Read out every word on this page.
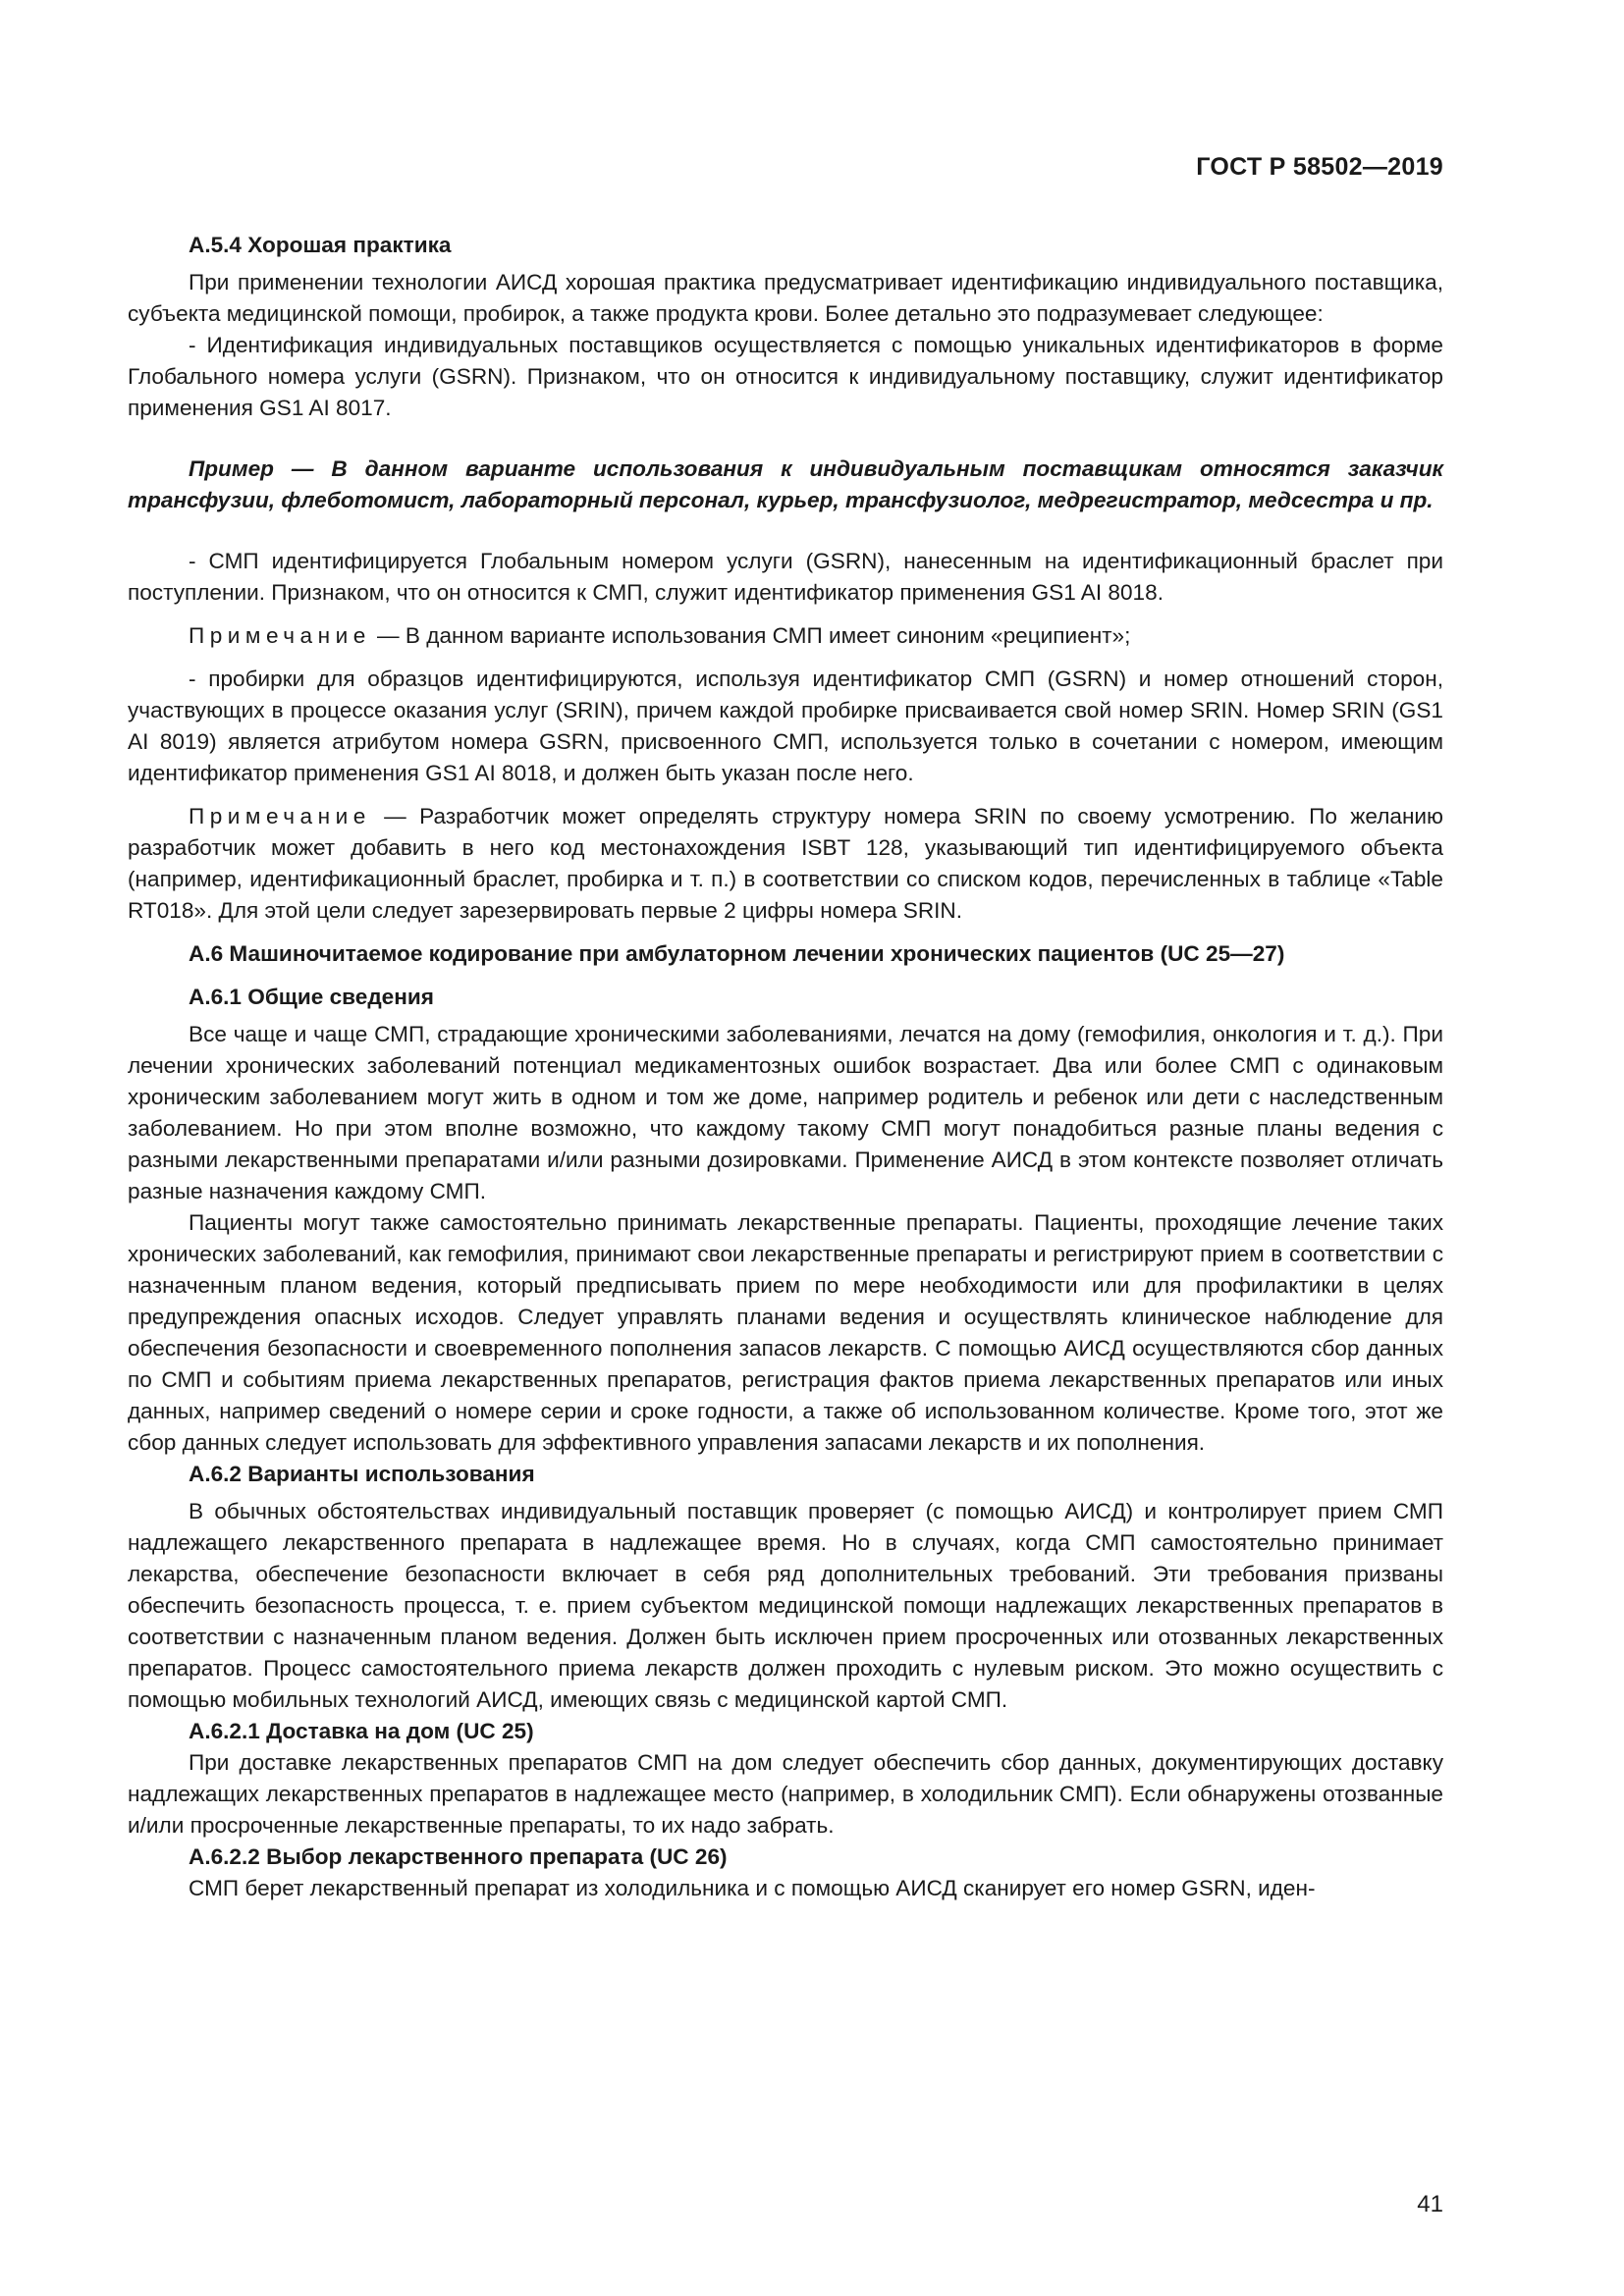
ГОСТ Р 58502—2019
А.5.4 Хорошая практика

При применении технологии АИСД хорошая практика предусматривает идентификацию индивидуального поставщика, субъекта медицинской помощи, пробирок, а также продукта крови. Более детально это подразумевает следующее:

- Идентификация индивидуальных поставщиков осуществляется с помощью уникальных идентификаторов в форме Глобального номера услуги (GSRN). Признаком, что он относится к индивидуальному поставщику, служит идентификатор применения GS1 AI 8017.

Пример — В данном варианте использования к индивидуальным поставщикам относятся заказчик трансфузии, флеботомист, лабораторный персонал, курьер, трансфузиолог, медрегистратор, медсестра и пр.

- СМП идентифицируется Глобальным номером услуги (GSRN), нанесенным на идентификационный браслет при поступлении. Признаком, что он относится к СМП, служит идентификатор применения GS1 AI 8018.

Примечание — В данном варианте использования СМП имеет синоним «реципиент»;

- пробирки для образцов идентифицируются, используя идентификатор СМП (GSRN) и номер отношений сторон, участвующих в процессе оказания услуг (SRIN), причем каждой пробирке присваивается свой номер SRIN. Номер SRIN (GS1 AI 8019) является атрибутом номера GSRN, присвоенного СМП, используется только в сочетании с номером, имеющим идентификатор применения GS1 AI 8018, и должен быть указан после него.

Примечание — Разработчик может определять структуру номера SRIN по своему усмотрению. По желанию разработчик может добавить в него код местонахождения ISBT 128, указывающий тип идентифицируемого объекта (например, идентификационный браслет, пробирка и т. п.) в соответствии со списком кодов, перечисленных в таблице «Table RT018». Для этой цели следует зарезервировать первые 2 цифры номера SRIN.

А.6 Машиночитаемое кодирование при амбулаторном лечении хронических пациентов (UC 25—27)
А.6.1 Общие сведения

Все чаще и чаще СМП, страдающие хроническими заболеваниями, лечатся на дому (гемофилия, онкология и т. д.). При лечении хронических заболеваний потенциал медикаментозных ошибок возрастает. Два или более СМП с одинаковым хроническим заболеванием могут жить в одном и том же доме, например родитель и ребенок или дети с наследственным заболеванием. Но при этом вполне возможно, что каждому такому СМП могут понадобиться разные планы ведения с разными лекарственными препаратами и/или разными дозировками. Применение АИСД в этом контексте позволяет отличать разные назначения каждому СМП.

Пациенты могут также самостоятельно принимать лекарственные препараты. Пациенты, проходящие лечение таких хронических заболеваний, как гемофилия, принимают свои лекарственные препараты и регистрируют прием в соответствии с назначенным планом ведения, который предписывать прием по мере необходимости или для профилактики в целях предупреждения опасных исходов. Следует управлять планами ведения и осуществлять клиническое наблюдение для обеспечения безопасности и своевременного пополнения запасов лекарств. С помощью АИСД осуществляются сбор данных по СМП и событиям приема лекарственных препаратов, регистрация фактов приема лекарственных препаратов или иных данных, например сведений о номере серии и сроке годности, а также об использованном количестве. Кроме того, этот же сбор данных следует использовать для эффективного управления запасами лекарств и их пополнения.

А.6.2 Варианты использования

В обычных обстоятельствах индивидуальный поставщик проверяет (с помощью АИСД) и контролирует прием СМП надлежащего лекарственного препарата в надлежащее время. Но в случаях, когда СМП самостоятельно принимает лекарства, обеспечение безопасности включает в себя ряд дополнительных требований. Эти требования призваны обеспечить безопасность процесса, т. е. прием субъектом медицинской помощи надлежащих лекарственных препаратов в соответствии с назначенным планом ведения. Должен быть исключен прием просроченных или отозванных лекарственных препаратов. Процесс самостоятельного приема лекарств должен проходить с нулевым риском. Это можно осуществить с помощью мобильных технологий АИСД, имеющих связь с медицинской картой СМП.

А.6.2.1 Доставка на дом (UC 25)

При доставке лекарственных препаратов СМП на дом следует обеспечить сбор данных, документирующих доставку надлежащих лекарственных препаратов в надлежащее место (например, в холодильник СМП). Если обнаружены отозванные и/или просроченные лекарственные препараты, то их надо забрать.

А.6.2.2 Выбор лекарственного препарата (UC 26)

СМП берет лекарственный препарат из холодильника и с помощью АИСД сканирует его номер GSRN, иден-

41
